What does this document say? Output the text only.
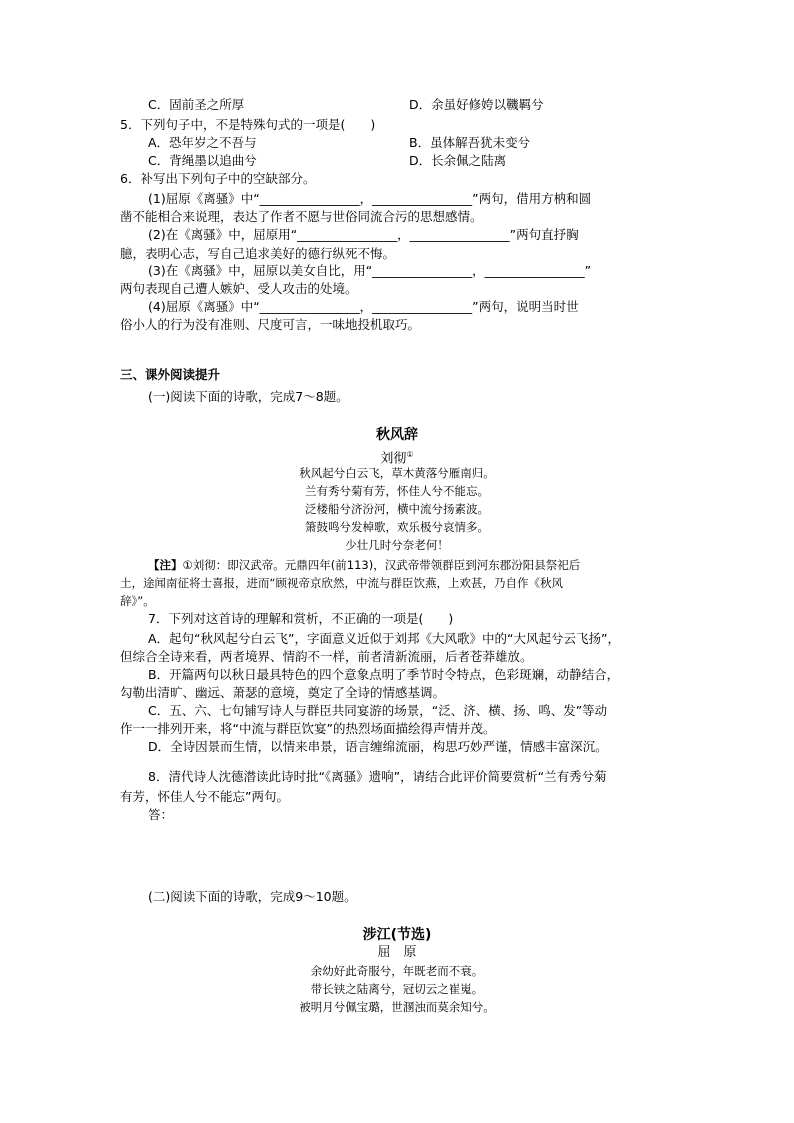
C．固前圣之所厚	D．余虽好修姱以鞿羁兮
5．下列句子中，不是特殊句式的一项是(　　)
A．恐年岁之不吾与	B．虽体解吾犹未变兮
C．背绳墨以追曲兮	D．长余佩之陆离
6．补写出下列句子中的空缺部分。
(1)屈原《离骚》中“________________，________________”两句，借用方枘和圆
凿不能相合来说理，表达了作者不愿与世俗同流合污的思想感情。
(2)在《离骚》中，屈原用“________________，________________”两句直抒胸
臆，表明心志，写自己追求美好的德行纵死不悔。
(3)在《离骚》中，屈原以美女自比，用“________________，________________”
两句表现自己遭人嫉妒、受人攻击的处境。
(4)屈原《离骚》中“________________，________________”两句，说明当时世
俗小人的行为没有准则、尺度可言，一味地投机取巧。
三、课外阅读提升
(一)阅读下面的诗歌，完成7～8题。
秋风辞
刘彻①
秋风起兮白云飞，草木黄落兮雁南归。
兰有秀兮菊有芳，怀佳人兮不能忘。
泛楼船兮济汾河，横中流兮扬素波。
箫鼓鸣兮发棹歌，欢乐极兮哀情多。
少壮几时兮奈老何！
【注】①刘彻：即汉武帝。元鼎四年(前113)，汉武帝带领群臣到河东郡汾阳县祭祀后
土，途闻南征将士喜报，进而“顾视帝京欣然，中流与群臣饮燕，上欢甚，乃自作《秋风
辞》”。
7．下列对这首诗的理解和赏析，不正确的一项是(　　)
A．起句“秋风起兮白云飞”，字面意义近似于刘邦《大风歌》中的“大风起兮云飞扬”，
但综合全诗来看，两者境界、情韵不一样，前者清新流丽，后者苍莽雄放。
B．开篇两句以秋日最具特色的四个意象点明了季节时令特点，色彩斑斓，动静结合，
勾勒出清旷、幽远、萧瑟的意境，奠定了全诗的情感基调。
C．五、六、七句铺写诗人与群臣共同宴游的场景，“泛、济、横、扬、鸣、发”等动
作一一排列开来，将“中流与群臣饮宴”的热烈场面描绘得声情并茂。
D．全诗因景而生情，以情来串景，语言缠绵流丽，构思巧妙严谨，情感丰富深沉。
8．清代诗人沈德潜读此诗时批“《离骚》遗响”，请结合此评价简要赏析“兰有秀兮菊
有芳，怀佳人兮不能忘”两句。
答：
(二)阅读下面的诗歌，完成9～10题。
涉江(节选)
屈　原
余幼好此奇服兮，年既老而不衰。
带长铗之陆离兮，冠切云之崔嵬。
被明月兮佩宝璐，世溷浊而莫余知兮。
